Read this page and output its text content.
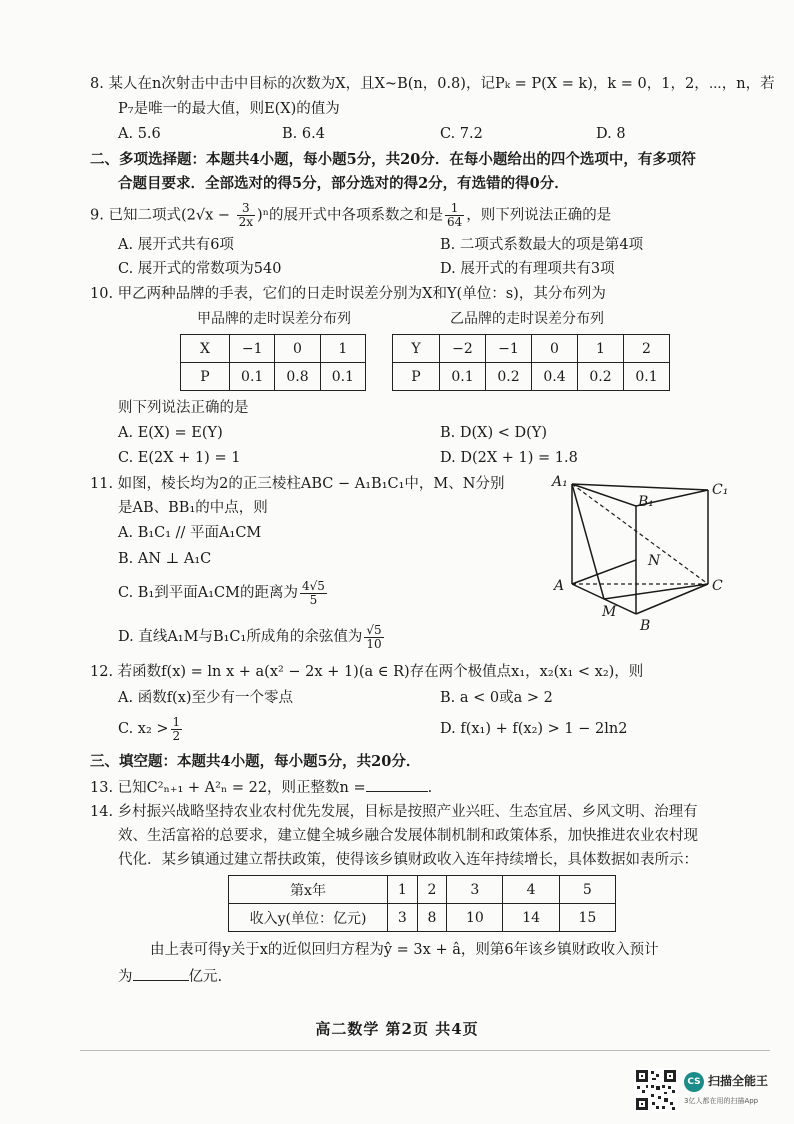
8. 某人在n次射击中击中目标的次数为X，且X~B(n，0.8)，记Pₖ = P(X = k)，k = 0，1，2，⋯，n，若
P₇是唯一的最大值，则E(X)的值为
A. 5.6	B. 6.4	C. 7.2	D. 8
二、多项选择题：本题共4小题，每小题5分，共20分．在每小题给出的四个选项中，有多项符
合题目要求．全部选对的得5分，部分选对的得2分，有选错的得0分．
9. 已知二项式$(2√x - \frac{3}{2x} )^n$的展开式中各项系数之和是 $\frac{1}{64}$ ，则下列说法正确的是
A. 展开式共有6项	B. 二项式系数最大的项是第4项
C. 展开式的常数项为540	D. 展开式的有理项共有3项
10. 甲乙两种品牌的手表，它们的日走时误差分别为X和Y(单位：s)，其分布列为
甲品牌的走时误差分布列	乙品牌的走时误差分布列
X	−1	0	1
P	0.1	0.8	0.1
Y	−2	−1	0	1	2
P	0.1	0.2	0.4	0.2	0.1
则下列说法正确的是
A. E(X) = E(Y)	B. D(X) < D(Y)
C. E(2X + 1) = 1	D. D(2X + 1) = 1.8
11. 如图，棱长均为2的正三棱柱ABC − A₁B₁C₁中，M、N分别
是AB、BB₁的中点，则
A. B₁C₁ // 平面A₁CM
B. AN ⊥ A₁C
C. B₁到平面A₁CM的距离为 $\frac{4√5}{5}$
D. 直线A₁M与B₁C₁所成角的余弦值为 $\frac{√5}{10}$
A₁
B₁
C₁
N
A	C
M
B
12. 若函数f(x) = ln x + a(x² − 2x + 1)(a ∈ R)存在两个极值点x₁，x₂(x₁ < x₂)，则
A. 函数f(x)至少有一个零点	B. a < 0或a > 2
C. $x_2 > \frac{1}{2}$	D. f(x₁) + f(x₂) > 1 − 2ln2
三、填空题：本题共4小题，每小题5分，共20分．
13. 已知C²ₙ₊₁ + A²ₙ = 22，则正整数n =	.
14. 乡村振兴战略坚持农业农村优先发展，目标是按照产业兴旺、生态宜居、乡风文明、治理有
效、生活富裕的总要求，建立健全城乡融合发展体制机制和政策体系，加快推进农业农村现
代化．某乡镇通过建立帮扶政策，使得该乡镇财政收入连年持续增长，具体数据如表所示：
第x年	1	2	3	4	5
收入y(单位：亿元)	3	8	10	14	15
由上表可得y关于x的近似回归方程为ŷ = 3x + â，则第6年该乡镇财政收入预计
为	亿元.
高二数学 第2页 共4页
CS 扫描全能王
3亿人都在用的扫描App
